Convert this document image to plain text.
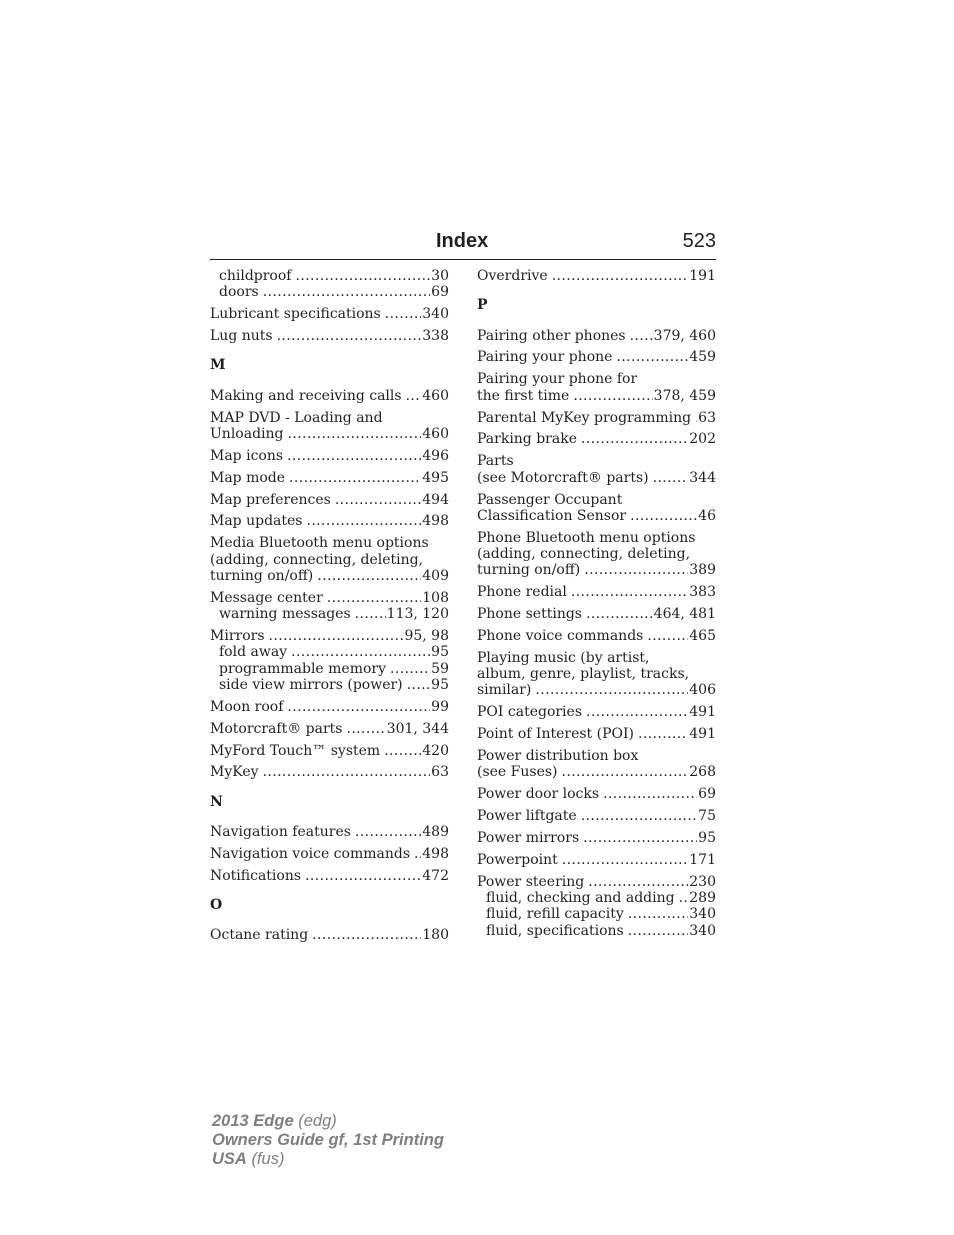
Index	523
childproof .....	30
doors .....	69
Lubricant specifications .....	340
Lug nuts .....	338
M
Making and receiving calls ..... 460
MAP DVD - Loading and
Unloading .....	460
Map icons .....	496
Map mode .....	495
Map preferences .....	494
Map updates .....	498
Media Bluetooth menu options
(adding, connecting, deleting,
turning on/off) .....	409
Message center .....	108
warning messages .....	113, 120
Mirrors .....	95, 98
fold away .....	95
programmable memory .....	59
side view mirrors (power) ..... 95
Moon roof .....	99
Motorcraft® parts .....	301, 344
MyFord Touch™ system .....	420
MyKey .....	63
N
Navigation features .....	489
Navigation voice commands ..... 498
Notifications .....	472
O
Octane rating .....	180
Overdrive .....	191
P
Pairing other phones ..... 379, 460
Pairing your phone .....	459
Pairing your phone for
the first time .....	378, 459
Parental MyKey programming ..... 63
Parking brake .....	202
Parts
(see Motorcraft® parts) .....	344
Passenger Occupant
Classification Sensor .....	46
Phone Bluetooth menu options
(adding, connecting, deleting,
turning on/off) .....	389
Phone redial .....	383
Phone settings .....	464, 481
Phone voice commands .....	465
Playing music (by artist,
album, genre, playlist, tracks,
similar) .....	406
POI categories .....	491
Point of Interest (POI) .....	491
Power distribution box
(see Fuses) .....	268
Power door locks .....	69
Power liftgate .....	75
Power mirrors .....	95
Powerpoint .....	171
Power steering .....	230
fluid, checking and adding ..... 289
fluid, refill capacity .....	340
fluid, specifications .....	340
2013 Edge (edg)
Owners Guide gf, 1st Printing
USA (fus)
